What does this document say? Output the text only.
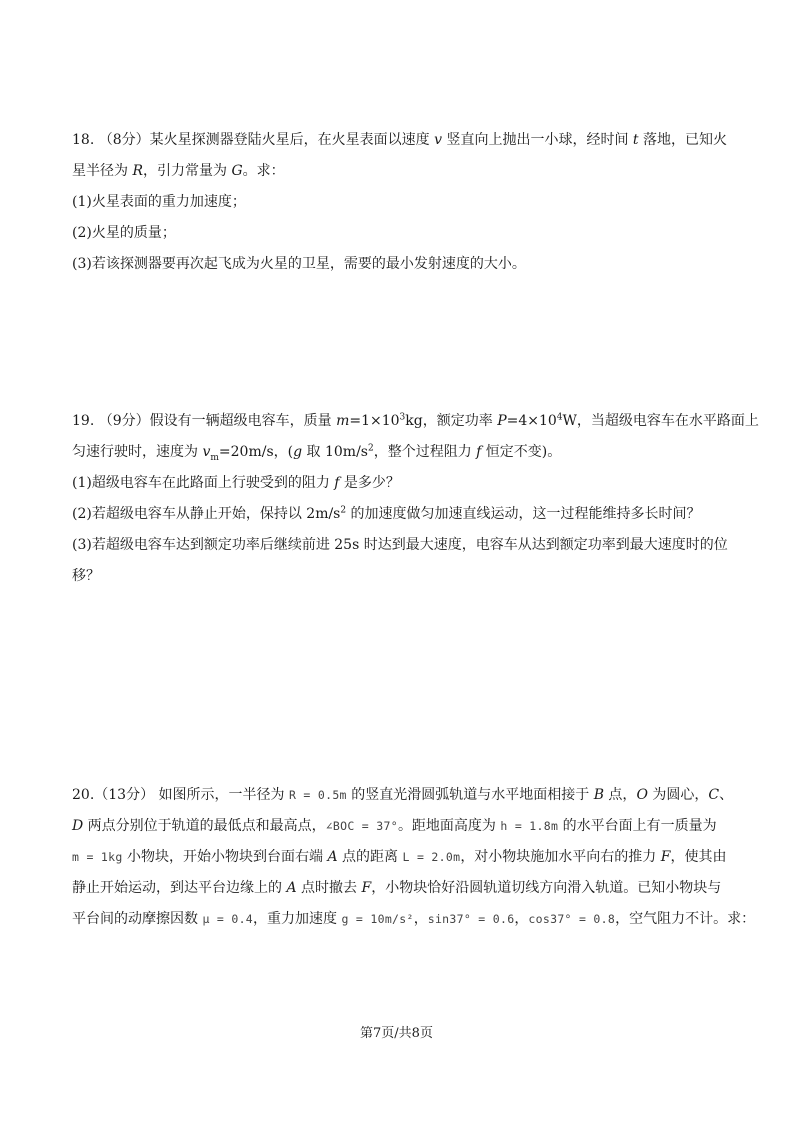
18. （8分）某火星探测器登陆火星后，在火星表面以速度 v 竖直向上抛出一小球，经时间 t 落地，已知火
星半径为 R，引力常量为 G。求：
(1)火星表面的重力加速度；
(2)火星的质量；
(3)若该探测器要再次起飞成为火星的卫星，需要的最小发射速度的大小。
19. （9分）假设有一辆超级电容车，质量 $m=1\times 10^3kg$，额定功率 $P=4\times 10^4W$，当超级电容车在水平路面上
匀速行驶时，速度为 $v_m=20m/s$，(g 取 $10m/s^2$，整个过程阻力 f 恒定不变)。
(1)超级电容车在此路面上行驶受到的阻力 f 是多少？
(2)若超级电容车从静止开始，保持以 $2m/s^2$ 的加速度做匀加速直线运动，这一过程能维持多长时间？
(3)若超级电容车达到额定功率后继续前进 25s 时达到最大速度，电容车从达到额定功率到最大速度时的位
移？
20.（13分） 如图所示，一半径为 R = 0.5m 的竖直光滑圆弧轨道与水平地面相接于 B 点，O 为圆心，C、
D 两点分别位于轨道的最低点和最高点，∠BOC = 37°。距地面高度为 h = 1.8m 的水平台面上有一质量为
m = 1kg 小物块，开始小物块到台面右端 A 点的距离 L = 2.0m，对小物块施加水平向右的推力 F，使其由
静止开始运动，到达平台边缘上的 A 点时撤去 F，小物块恰好沿圆轨道切线方向滑入轨道。已知小物块与
平台间的动摩擦因数 μ = 0.4，重力加速度 g = 10m/s²，sin37° = 0.6，cos37° = 0.8，空气阻力不计。求：
第7页/共8页
